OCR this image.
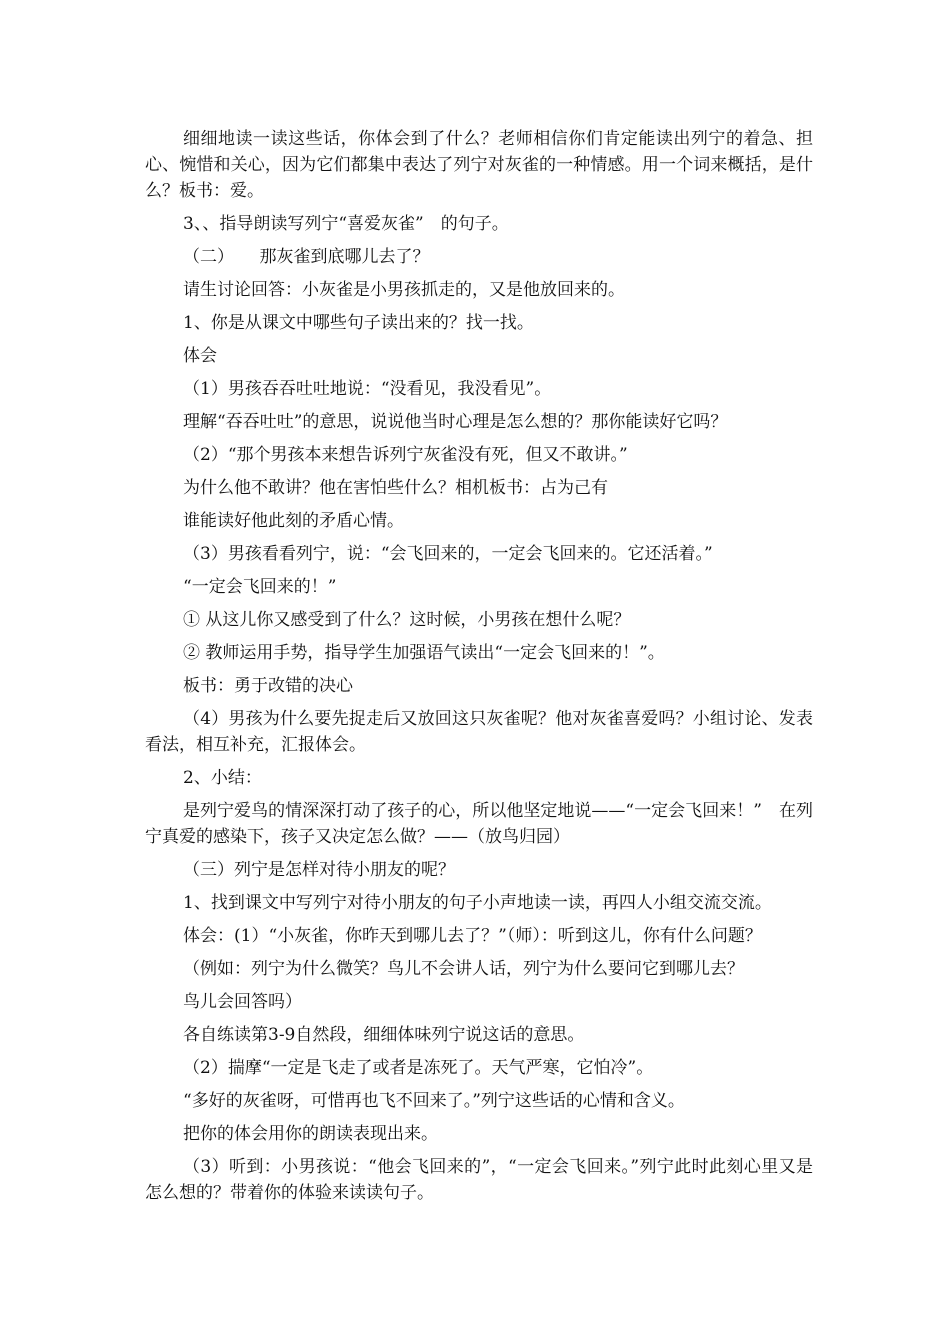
细细地读一读这些话，你体会到了什么？老师相信你们肯定能读出列宁的着急、担心、惋惜和关心，因为它们都集中表达了列宁对灰雀的一种情感。用一个词来概括，是什么？板书：爱。

3、、指导朗读写列宁“喜爱灰雀”　的句子。

（二）　　那灰雀到底哪儿去了？

请生讨论回答：小灰雀是小男孩抓走的，又是他放回来的。

1、你是从课文中哪些句子读出来的？找一找。

体会

（1）男孩吞吞吐吐地说：“没看见，我没看见”。

理解“吞吞吐吐”的意思，说说他当时心理是怎么想的？那你能读好它吗？

（2）“那个男孩本来想告诉列宁灰雀没有死，但又不敢讲。”

为什么他不敢讲？他在害怕些什么？相机板书：占为己有

谁能读好他此刻的矛盾心情。

（3）男孩看看列宁，说：“会飞回来的，一定会飞回来的。它还活着。”

“一定会飞回来的！”

① 从这儿你又感受到了什么？这时候，小男孩在想什么呢？

② 教师运用手势，指导学生加强语气读出“一定会飞回来的！”。

板书：勇于改错的决心

（4）男孩为什么要先捉走后又放回这只灰雀呢？他对灰雀喜爱吗？小组讨论、发表看法，相互补充，汇报体会。

2、小结：

是列宁爱鸟的情深深打动了孩子的心，所以他坚定地说——“一定会飞回来！”　在列宁真爱的感染下，孩子又决定怎么做？——（放鸟归园）

（三）列宁是怎样对待小朋友的呢？

1、找到课文中写列宁对待小朋友的句子小声地读一读，再四人小组交流交流。

体会：(1）“小灰雀，你昨天到哪儿去了？”（师）：听到这儿，你有什么问题？

（例如：列宁为什么微笑？鸟儿不会讲人话，列宁为什么要问它到哪儿去？

鸟儿会回答吗）

各自练读第3-9自然段，细细体味列宁说这话的意思。

（2）揣摩“一定是飞走了或者是冻死了。天气严寒，它怕冷”。

“多好的灰雀呀，可惜再也飞不回来了。”列宁这些话的心情和含义。

把你的体会用你的朗读表现出来。

（3）听到：小男孩说：“他会飞回来的”，“一定会飞回来。”列宁此时此刻心里又是怎么想的？带着你的体验来读读句子。
